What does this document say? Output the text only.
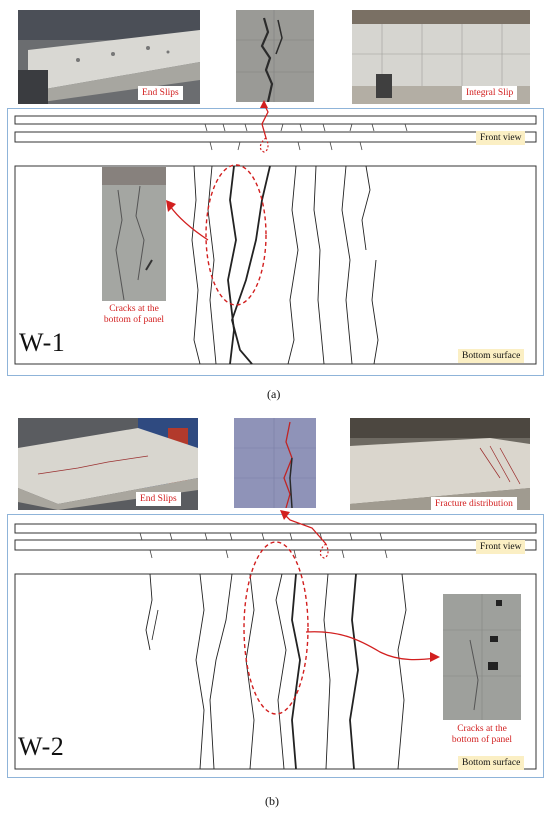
End Slips	Integral Slip
Cracks at the
bottom of panel
Front view
Bottom surface
W-1
(a)
End Slips	Fracture distribution
Cracks at the
bottom of panel
Front view
Bottom surface
W-2
(b)
